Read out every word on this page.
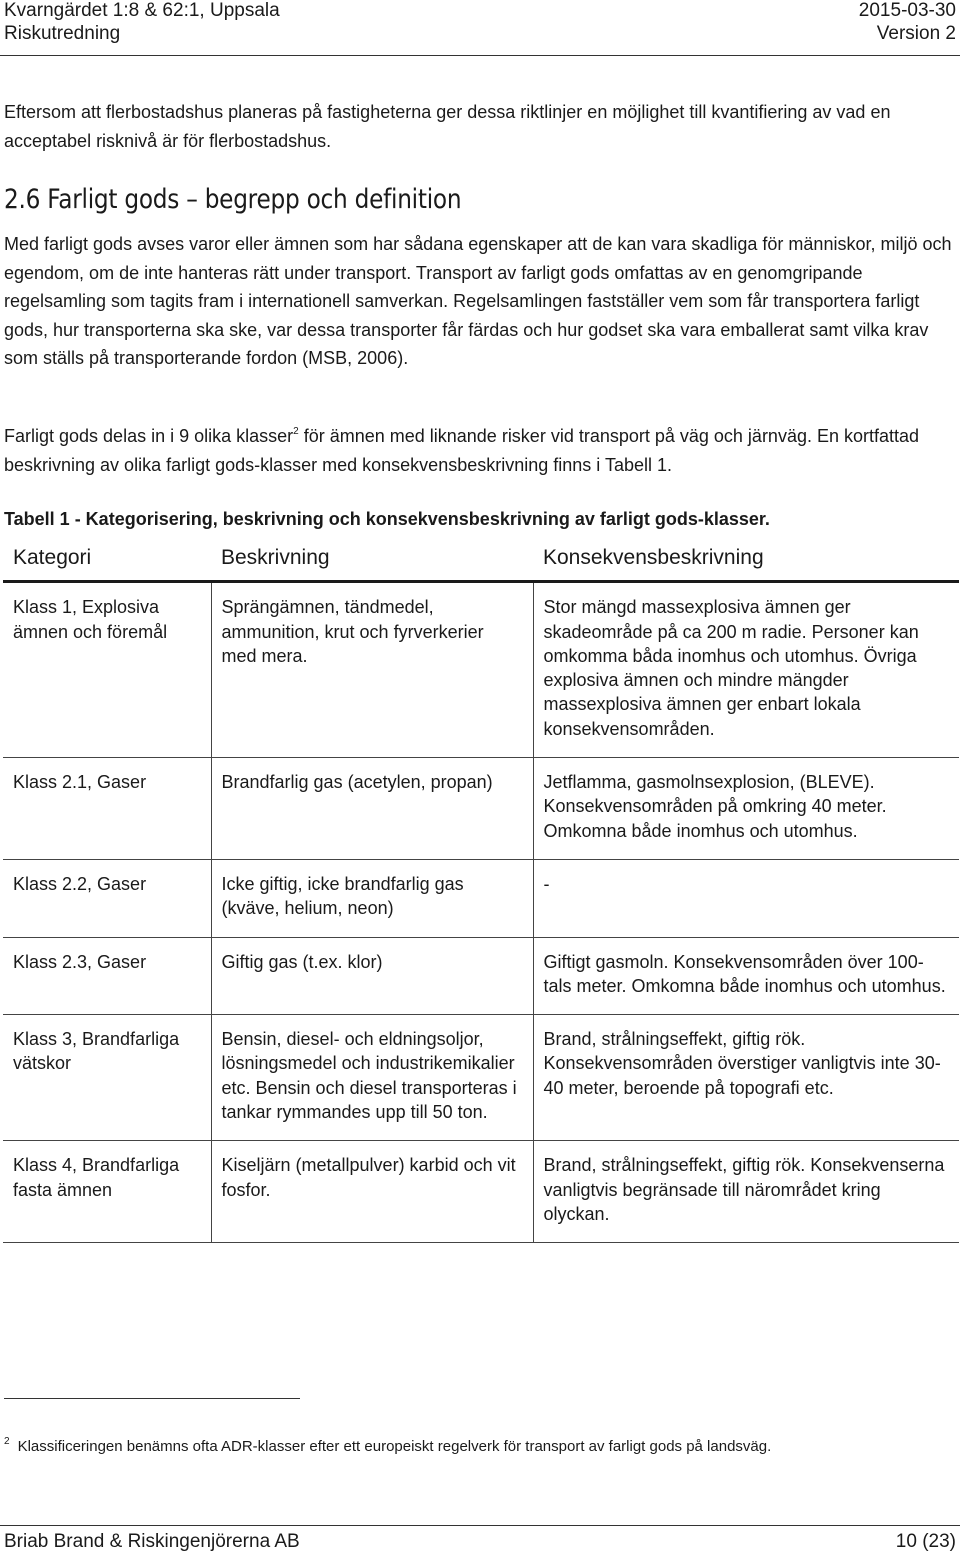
Kvarngärdet 1:8 & 62:1, Uppsala	2015-03-30
Riskutredning	Version 2

Eftersom att flerbostadshus planeras på fastigheterna ger dessa riktlinjer en möjlighet till kvantifiering av vad en acceptabel risknivå är för flerbostadshus.

2.6 Farligt gods – begrepp och definition

Med farligt gods avses varor eller ämnen som har sådana egenskaper att de kan vara skadliga för människor, miljö och egendom, om de inte hanteras rätt under transport. Transport av farligt gods omfattas av en genomgripande regelsamling som tagits fram i internationell samverkan. Regelsamlingen fastställer vem som får transportera farligt gods, hur transporterna ska ske, var dessa transporter får färdas och hur godset ska vara emballerat samt vilka krav som ställs på transporterande fordon (MSB, 2006).

Farligt gods delas in i 9 olika klasser$^2$ för ämnen med liknande risker vid transport på väg och järnväg. En kortfattad beskrivning av olika farligt gods-klasser med konsekvensbeskrivning finns i Tabell 1.

Tabell 1 - Kategorisering, beskrivning och konsekvensbeskrivning av farligt gods-klasser.

Kategori	Beskrivning	Konsekvensbeskrivning
Klass 1, Explosiva ämnen och föremål	Sprängämnen, tändmedel, ammunition, krut och fyrverkerier med mera.	Stor mängd massexplosiva ämnen ger skadeområde på ca 200 m radie. Personer kan omkomma båda inomhus och utomhus. Övriga explosiva ämnen och mindre mängder massexplosiva ämnen ger enbart lokala konsekvensområden.
Klass 2.1, Gaser	Brandfarlig gas (acetylen, propan)	Jetflamma, gasmolnsexplosion, (BLEVE). Konsekvensområden på omkring 40 meter. Omkomna både inomhus och utomhus.
Klass 2.2, Gaser	Icke giftig, icke brandfarlig gas (kväve, helium, neon)	-
Klass 2.3, Gaser	Giftig gas (t.ex. klor)	Giftigt gasmoln. Konsekvensområden över 100-tals meter. Omkomna både inomhus och utomhus.
Klass 3, Brandfarliga vätskor	Bensin, diesel- och eldningsoljor, lösningsmedel och industrikemikalier etc. Bensin och diesel transporteras i tankar rymmandes upp till 50 ton.	Brand, strålningseffekt, giftig rök. Konsekvensområden överstiger vanligtvis inte 30-40 meter, beroende på topografi etc.
Klass 4, Brandfarliga fasta ämnen	Kiseljärn (metallpulver) karbid och vit fosfor.	Brand, strålningseffekt, giftig rök. Konsekvenserna vanligtvis begränsade till närområdet kring olyckan.

$^2$ Klassificeringen benämns ofta ADR-klasser efter ett europeiskt regelverk för transport av farligt gods på landsväg.

Briab Brand & Riskingenjörerna AB	10 (23)
